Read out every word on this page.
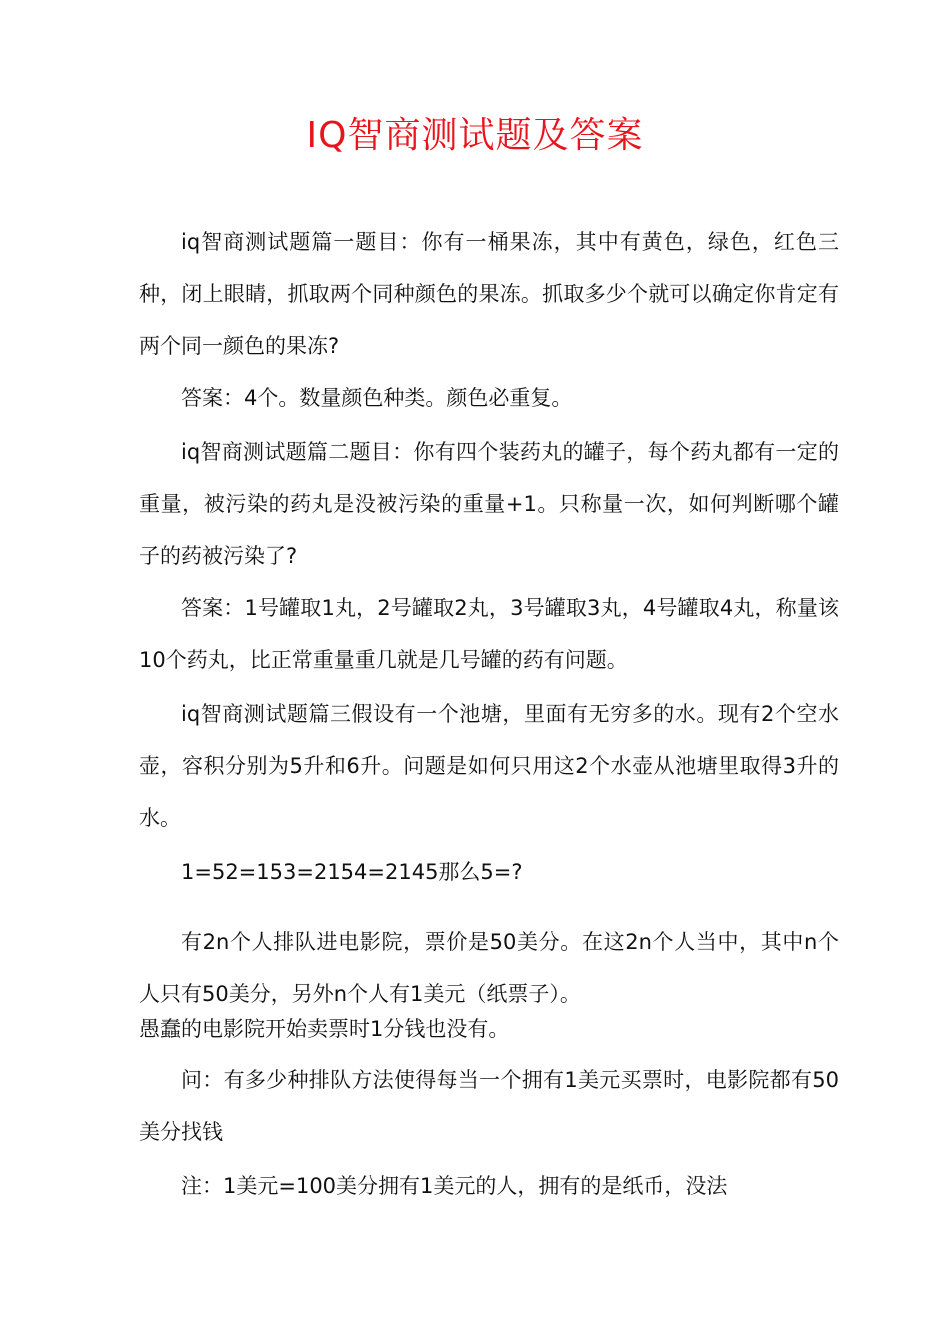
IQ智商测试题及答案

iq智商测试题篇一题目：你有一桶果冻，其中有黄色，绿色，红色三种，闭上眼睛，抓取两个同种颜色的果冻。抓取多少个就可以确定你肯定有两个同一颜色的果冻?

答案：4个。数量颜色种类。颜色必重复。

iq智商测试题篇二题目：你有四个装药丸的罐子，每个药丸都有一定的重量，被污染的药丸是没被污染的重量+1。只称量一次，如何判断哪个罐子的药被污染了?

答案：1号罐取1丸，2号罐取2丸，3号罐取3丸，4号罐取4丸，称量该10个药丸，比正常重量重几就是几号罐的药有问题。

iq智商测试题篇三假设有一个池塘，里面有无穷多的水。现有2个空水壶，容积分别为5升和6升。问题是如何只用这2个水壶从池塘里取得3升的水。

1=52=153=2154=2145那么5=?

有2n个人排队进电影院，票价是50美分。在这2n个人当中，其中n个人只有50美分，另外n个人有1美元（纸票子）。

愚蠢的电影院开始卖票时1分钱也没有。

问：有多少种排队方法使得每当一个拥有1美元买票时，电影院都有50美分找钱

注：1美元=100美分拥有1美元的人，拥有的是纸币，没法
